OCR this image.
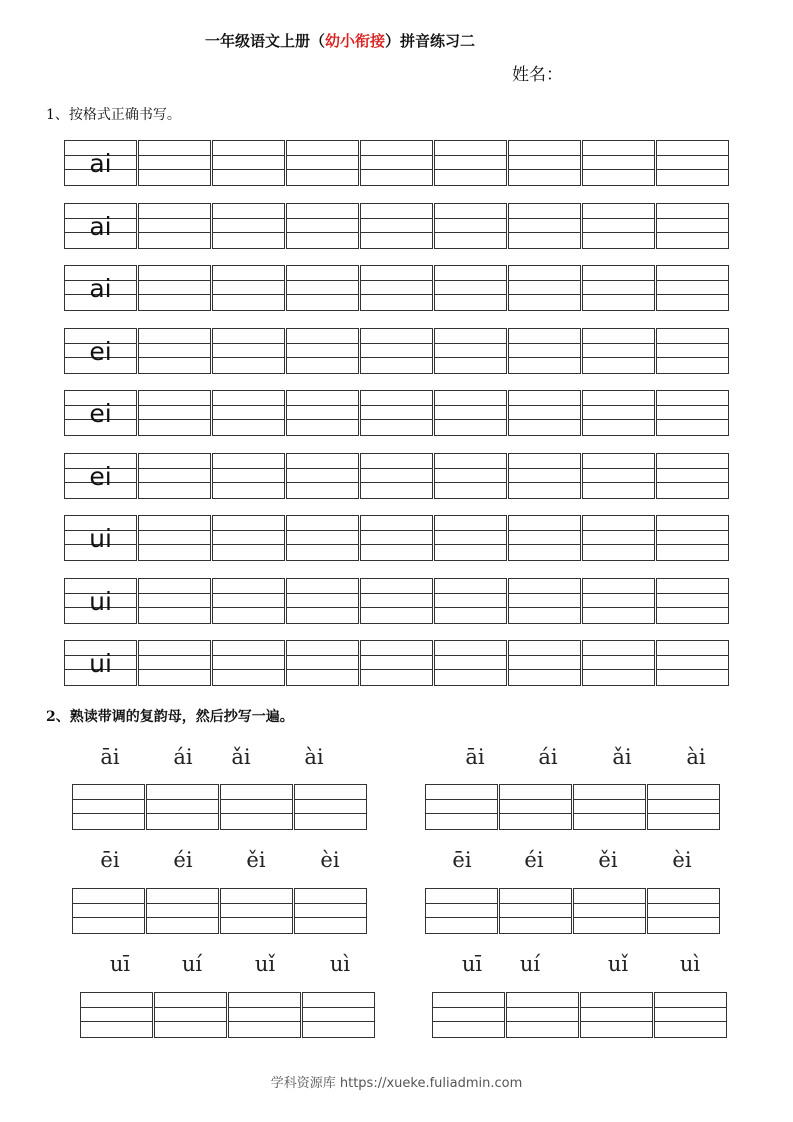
一年级语文上册（幼小衔接）拼音练习二
姓名：
1、按格式正确书写。
ai
ai
ai
ei
ei
ei
ui
ui
ui
2、熟读带调的复韵母，然后抄写一遍。
āi	ái	ǎi	ài	āi	ái	ǎi	ài
ēi	éi	ěi	èi	ēi	éi	ěi	èi
uī	uí	uǐ	uì	uī	uí	uǐ	uì
学科资源库 https://xueke.fuliadmin.com
